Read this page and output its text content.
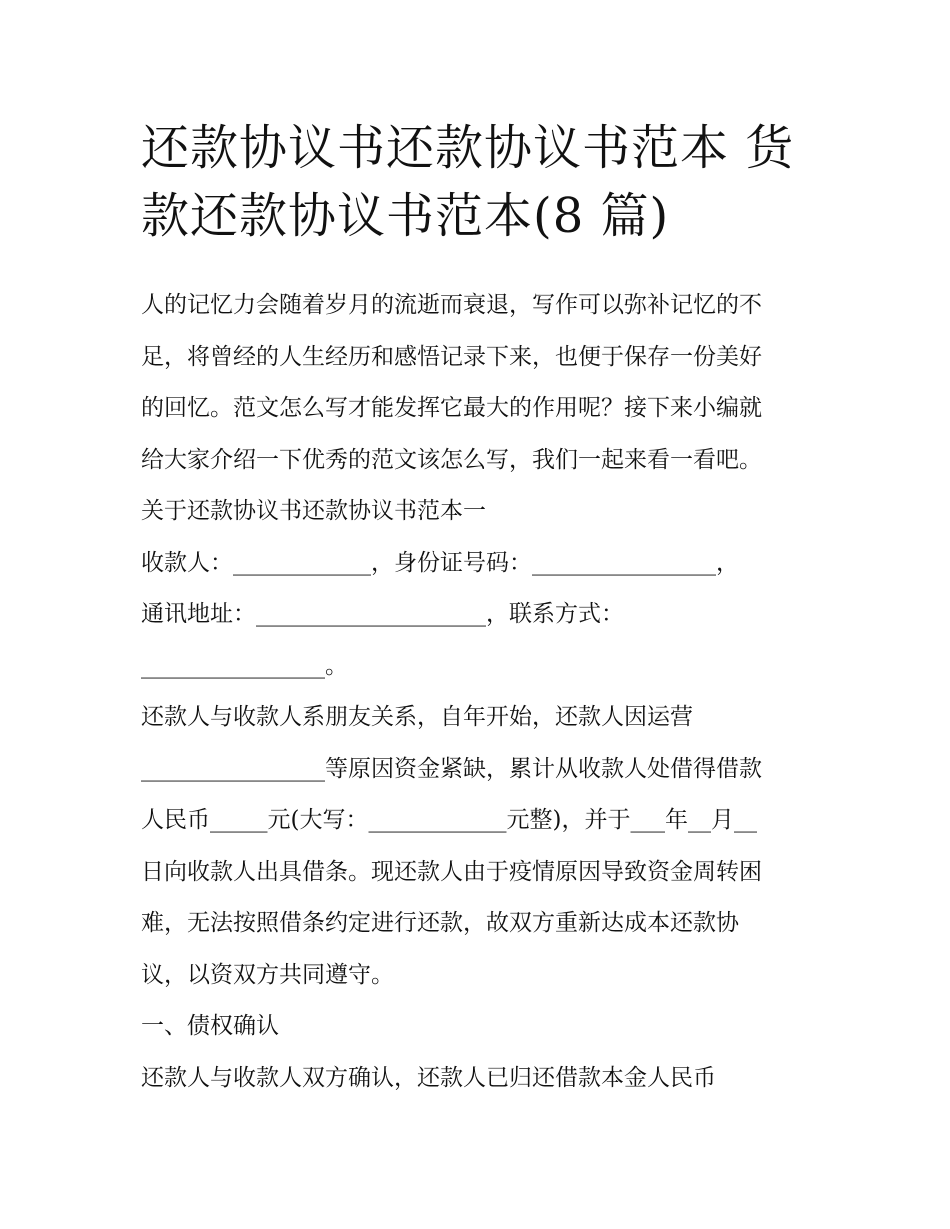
还款协议书还款协议书范本 货
款还款协议书范本(8 篇)
人的记忆力会随着岁月的流逝而衰退，写作可以弥补记忆的不
足，将曾经的人生经历和感悟记录下来，也便于保存一份美好
的回忆。范文怎么写才能发挥它最大的作用呢？接下来小编就
给大家介绍一下优秀的范文该怎么写，我们一起来看一看吧。
关于还款协议书还款协议书范本一
收款人：____________，身份证号码：________________，
通讯地址：____________________，联系方式：
________________。
还款人与收款人系朋友关系，自年开始，还款人因运营
________________等原因资金紧缺，累计从收款人处借得借款
人民币_____元(大写：____________元整)，并于___年__月__
日向收款人出具借条。现还款人由于疫情原因导致资金周转困
难，无法按照借条约定进行还款，故双方重新达成本还款协
议，以资双方共同遵守。
一、债权确认
还款人与收款人双方确认，还款人已归还借款本金人民币
